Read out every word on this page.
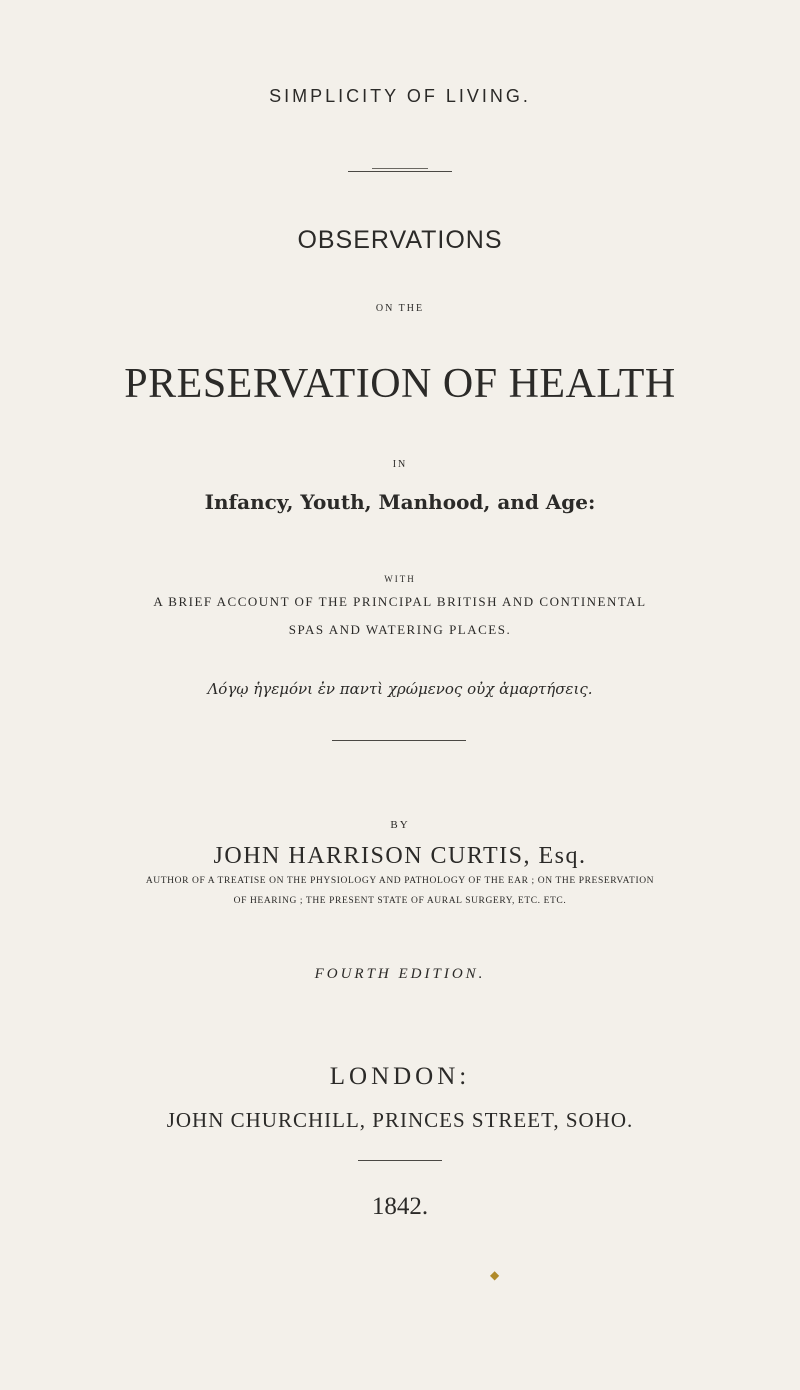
SIMPLICITY OF LIVING.
OBSERVATIONS
ON THE
PRESERVATION OF HEALTH
IN
Infancy, Youth, Manhood, and Age:
WITH
A BRIEF ACCOUNT OF THE PRINCIPAL BRITISH AND CONTINENTAL
SPAS AND WATERING PLACES.
Λόγῳ ἡγεμόνι ἐν παντὶ χρώμενος οὐχ ἁμαρτήσεις.
BY
JOHN HARRISON CURTIS, Esq.
AUTHOR OF A TREATISE ON THE PHYSIOLOGY AND PATHOLOGY OF THE EAR ; ON THE PRESERVATION
OF HEARING ; THE PRESENT STATE OF AURAL SURGERY, ETC. ETC.
FOURTH EDITION.
LONDON:
JOHN CHURCHILL, PRINCES STREET, SOHO.
1842.
◆
